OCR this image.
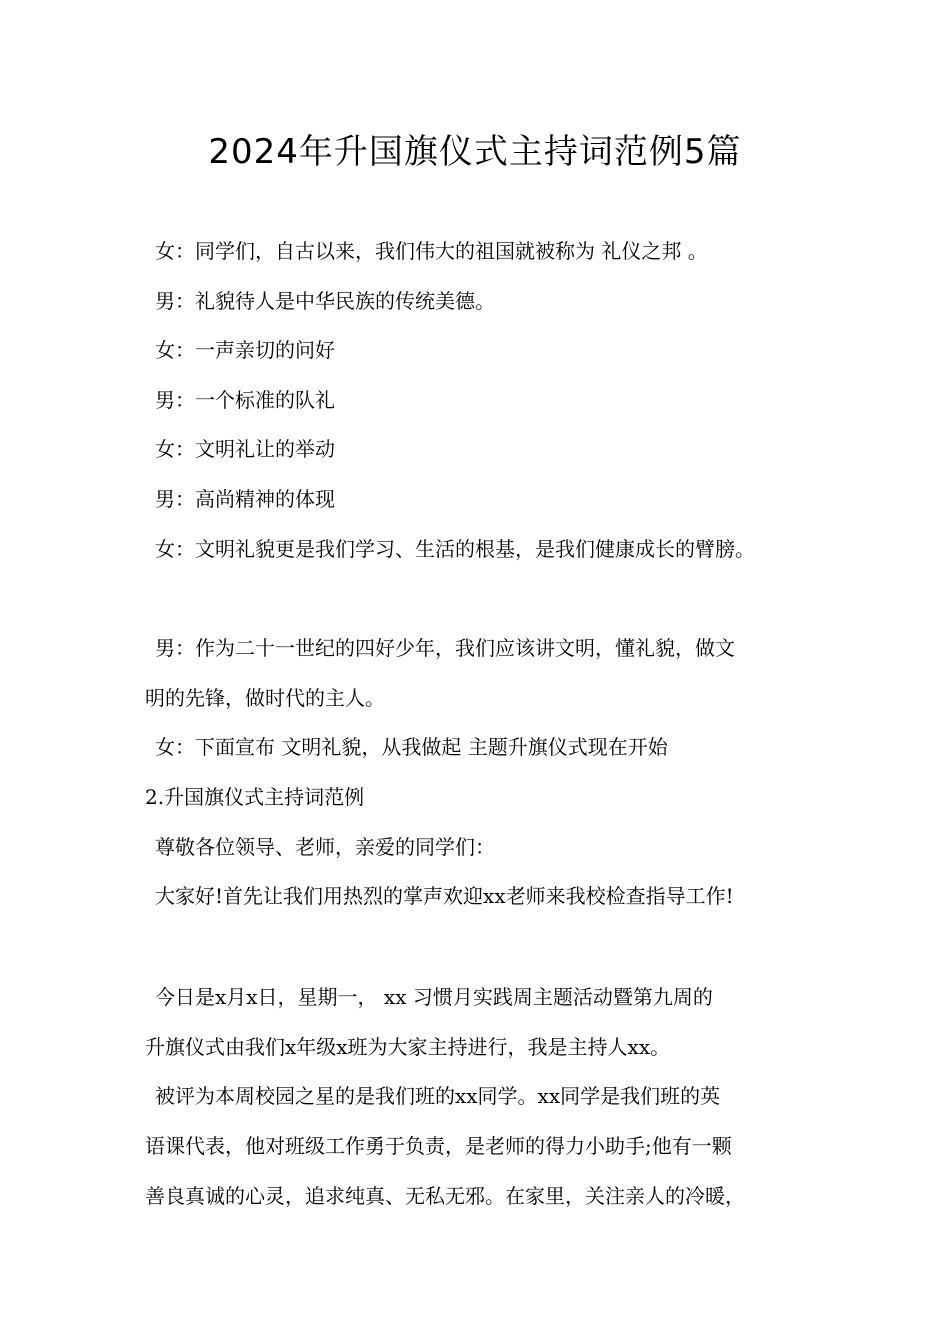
2024年升国旗仪式主持词范例5篇
女：同学们，自古以来，我们伟大的祖国就被称为 礼仪之邦 。
男：礼貌待人是中华民族的传统美德。
女：一声亲切的问好
男：一个标准的队礼
女：文明礼让的举动
男：高尚精神的体现
女：文明礼貌更是我们学习、生活的根基，是我们健康成长的臂膀。
男：作为二十一世纪的四好少年，我们应该讲文明，懂礼貌，做文
明的先锋，做时代的主人。
女：下面宣布 文明礼貌，从我做起 主题升旗仪式现在开始
2.升国旗仪式主持词范例
尊敬各位领导、老师，亲爱的同学们：
大家好!首先让我们用热烈的掌声欢迎xx老师来我校检查指导工作!
今日是x月x日，星期一， xx 习惯月实践周主题活动暨第九周的
升旗仪式由我们x年级x班为大家主持进行，我是主持人xx。
被评为本周校园之星的是我们班的xx同学。xx同学是我们班的英
语课代表，他对班级工作勇于负责，是老师的得力小助手;他有一颗
善良真诚的心灵，追求纯真、无私无邪。在家里，关注亲人的冷暖，
